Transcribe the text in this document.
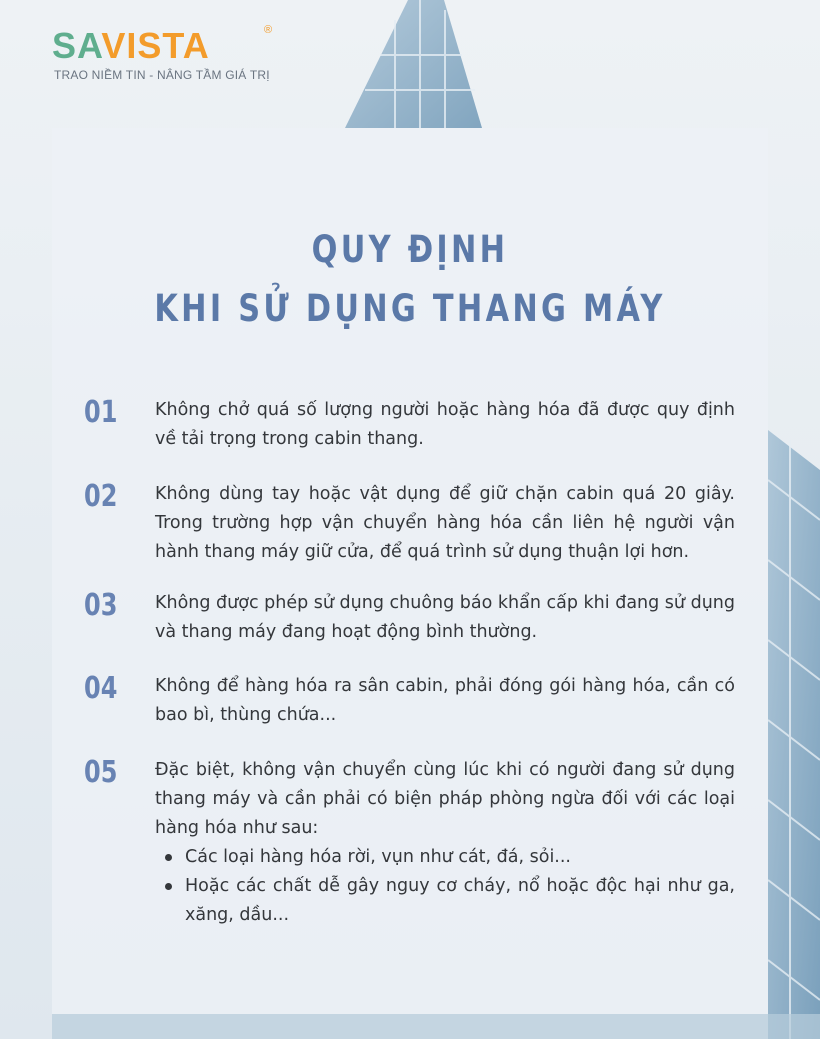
SAVISTA	®
TRAO NIỀM TIN - NÂNG TẦM GIÁ TRỊ
QUY ĐỊNH
KHI SỬ DỤNG THANG MÁY
01	Không chở quá số lượng người hoặc hàng hóa đã được quy định về tải trọng trong cabin thang.
02	Không dùng tay hoặc vật dụng để giữ chặn cabin quá 20 giây. Trong trường hợp vận chuyển hàng hóa cần liên hệ người vận hành thang máy giữ cửa, để quá trình sử dụng thuận lợi hơn.
03	Không được phép sử dụng chuông báo khẩn cấp khi đang sử dụng và thang máy đang hoạt động bình thường.
04	Không để hàng hóa ra sân cabin, phải đóng gói hàng hóa, cần có bao bì, thùng chứa...
05	Đặc biệt, không vận chuyển cùng lúc khi có người đang sử dụng thang máy và cần phải có biện pháp phòng ngừa đối với các loại hàng hóa như sau:
Các loại hàng hóa rời, vụn như cát, đá, sỏi...
Hoặc các chất dễ gây nguy cơ cháy, nổ hoặc độc hại như ga, xăng, dầu...
